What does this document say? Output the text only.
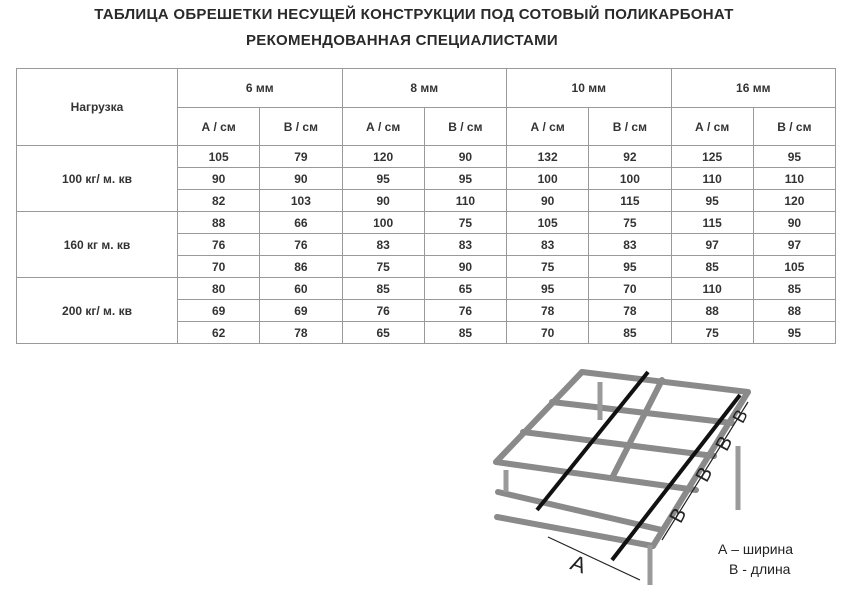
ТАБЛИЦА ОБРЕШЕТКИ НЕСУЩЕЙ КОНСТРУКЦИИ ПОД СОТОВЫЙ ПОЛИКАРБОНАТ
РЕКОМЕНДОВАННАЯ СПЕЦИАЛИСТАМИ
Нагрузка	6 мм		8 мм		10 мм		16 мм	
	А / см	В / см	А / см	В / см	А / см	В / см	А / см	В / см
100 кг/ м. кв	105	79	120	90	132	92	125	95
	90	90	95	95	100	100	110	110
	82	103	90	110	90	115	95	120
160 кг м. кв	88	66	100	75	105	75	115	90
	76	76	83	83	83	83	97	97
	70	86	75	90	75	95	85	105
200 кг/ м. кв	80	60	85	65	95	70	110	85
	69	69	76	76	78	78	88	88
	62	78	65	85	70	85	75	95
А
В
В
В
В
А – ширина
В - длина
